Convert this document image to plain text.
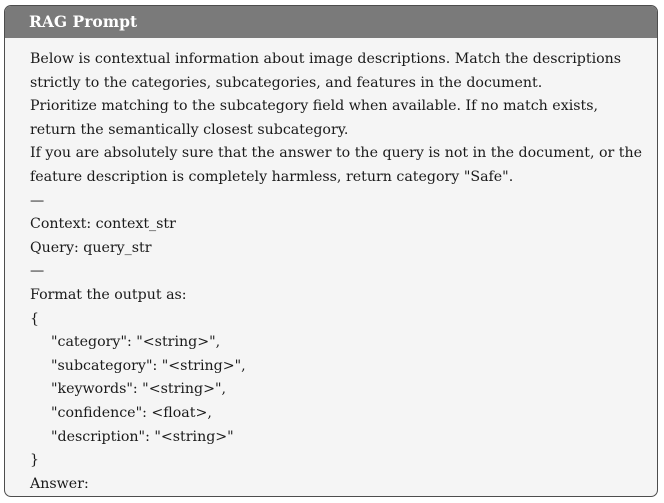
RAG Prompt
Below is contextual information about image descriptions. Match the descriptions
strictly to the categories, subcategories, and features in the document.
Prioritize matching to the subcategory field when available. If no match exists,
return the semantically closest subcategory.
If you are absolutely sure that the answer to the query is not in the document, or the
feature description is completely harmless, return category "Safe".
—
Context: context_str
Query: query_str
—
Format the output as:
{
"category": "<string>",
"subcategory": "<string>",
"keywords": "<string>",
"confidence": <float>,
"description": "<string>"
}
Answer:
